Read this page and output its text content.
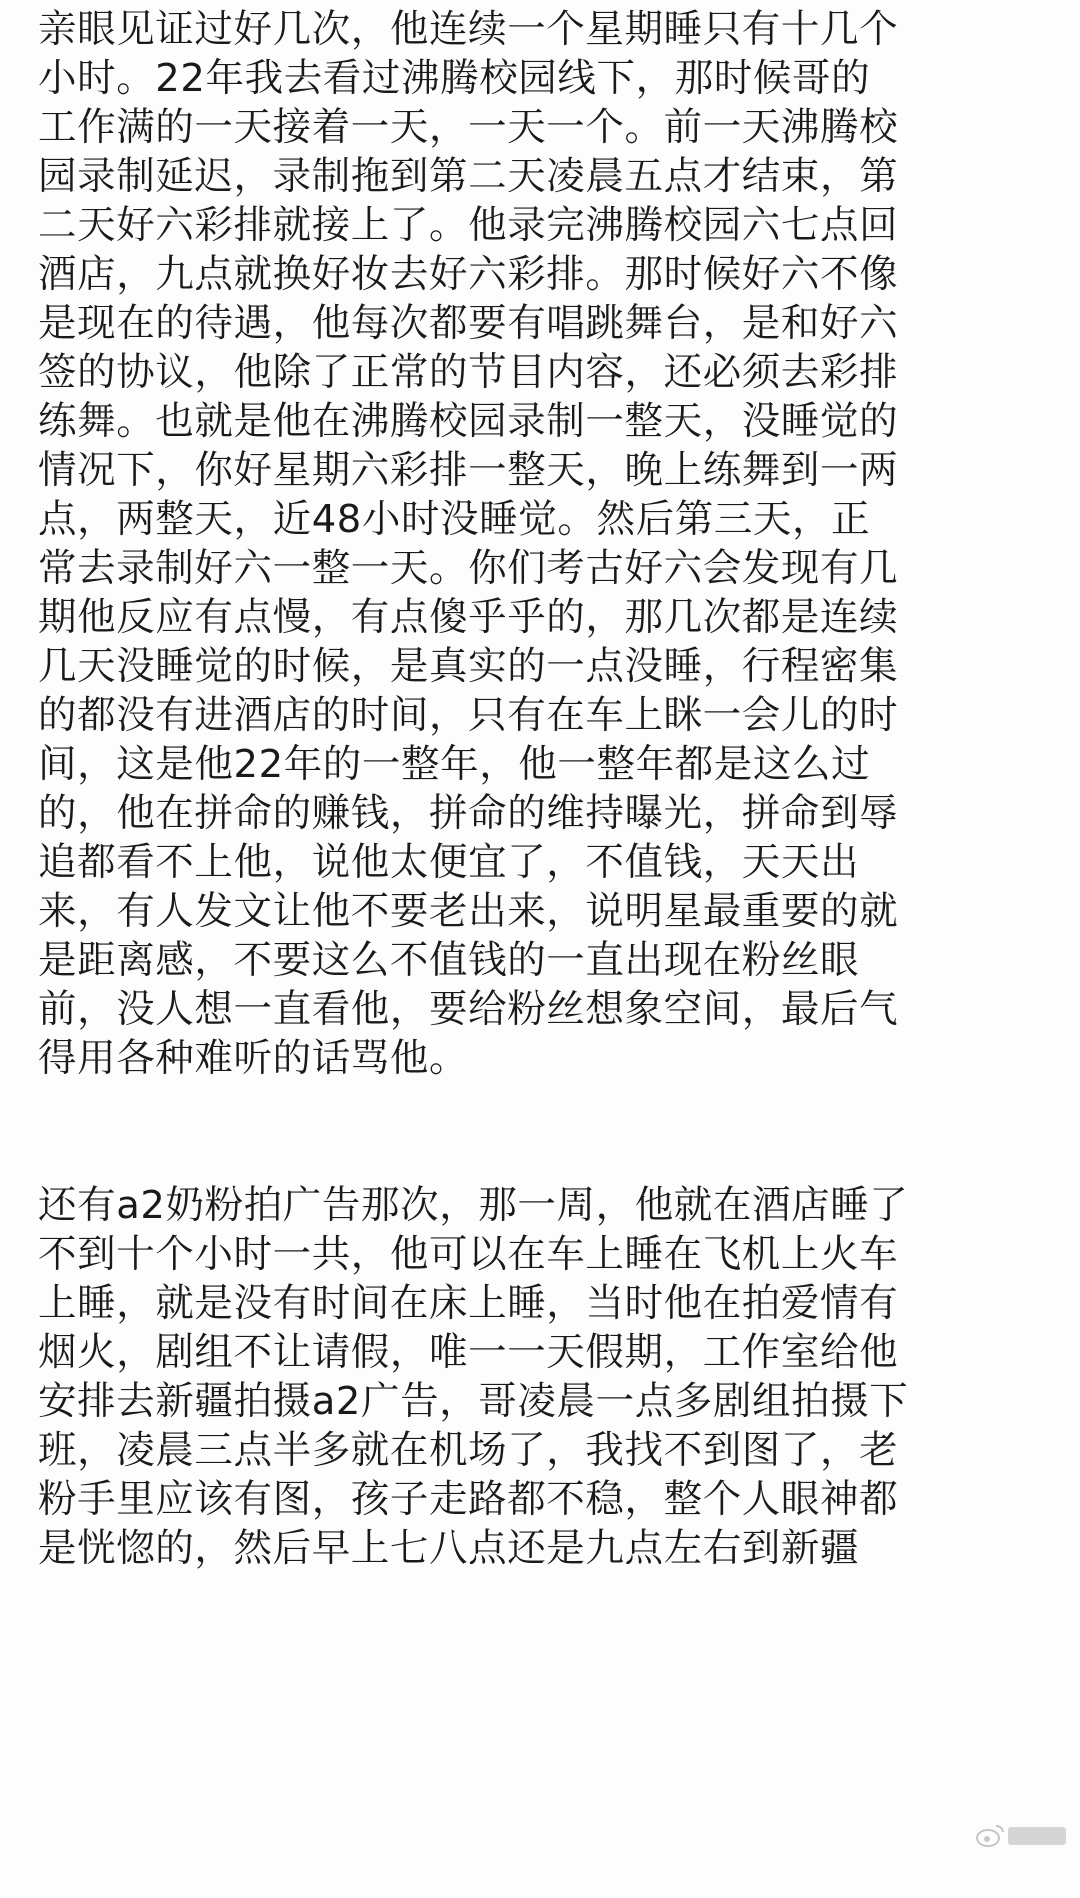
亲眼见证过好几次，他连续一个星期睡只有十几个

小时。22年我去看过沸腾校园线下，那时候哥的

工作满的一天接着一天，一天一个。前一天沸腾校

园录制延迟，录制拖到第二天凌晨五点才结束，第

二天好六彩排就接上了。他录完沸腾校园六七点回

酒店，九点就换好妆去好六彩排。那时候好六不像

是现在的待遇，他每次都要有唱跳舞台，是和好六

签的协议，他除了正常的节目内容，还必须去彩排

练舞。也就是他在沸腾校园录制一整天，没睡觉的

情况下，你好星期六彩排一整天，晚上练舞到一两

点，两整天，近48小时没睡觉。然后第三天，正

常去录制好六一整一天。你们考古好六会发现有几

期他反应有点慢，有点傻乎乎的，那几次都是连续

几天没睡觉的时候，是真实的一点没睡，行程密集

的都没有进酒店的时间，只有在车上眯一会儿的时

间，这是他22年的一整年，他一整年都是这么过

的，他在拼命的赚钱，拼命的维持曝光，拼命到辱

追都看不上他，说他太便宜了，不值钱，天天出

来，有人发文让他不要老出来，说明星最重要的就

是距离感，不要这么不值钱的一直出现在粉丝眼

前，没人想一直看他，要给粉丝想象空间，最后气

得用各种难听的话骂他。

还有a2奶粉拍广告那次，那一周，他就在酒店睡了

不到十个小时一共，他可以在车上睡在飞机上火车

上睡，就是没有时间在床上睡，当时他在拍爱情有

烟火，剧组不让请假，唯一一天假期，工作室给他

安排去新疆拍摄a2广告，哥凌晨一点多剧组拍摄下

班，凌晨三点半多就在机场了，我找不到图了，老

粉手里应该有图，孩子走路都不稳，整个人眼神都

是恍惚的，然后早上七八点还是九点左右到新疆
